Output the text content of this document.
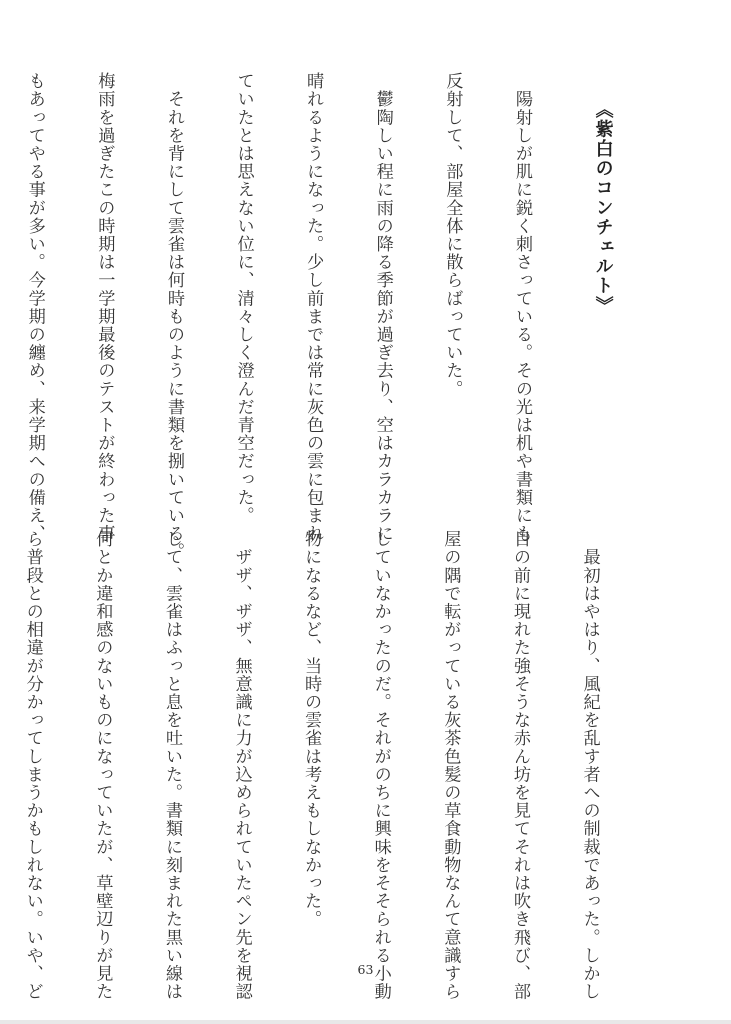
《紫白のコンチェルト》

　陽射しが肌に鋭く刺さっている。その光は机や書類にも

反射して、部屋全体に散らばっていた。

　鬱陶しい程に雨の降る季節が過ぎ去り、空はカラカラに

晴れるようになった。少し前までは常に灰色の雲に包まれ

ていたとは思えない位に、清々しく澄んだ青空だった。

　それを背にして雲雀は何時ものように書類を捌いている。

梅雨を過ぎたこの時期は一学期最後のテストが終わった事

もあってやる事が多い。今学期の纏め、来学期への備え、

　最初はやはり、風紀を乱す者への制裁であった。しかし

目の前に現れた強そうな赤ん坊を見てそれは吹き飛び、部

屋の隅で転がっている灰茶色髪の草食動物なんて意識すら

していなかったのだ。それがのちに興味をそそられる小動

物になるなど、当時の雲雀は考えもしなかった。

　ザザ、ザザ、無意識に力が込められていたペン先を視認

して、雲雀はふっと息を吐いた。書類に刻まれた黒い線は

何とか違和感のないものになっていたが、草壁辺りが見た

ら普段との相違が分かってしまうかもしれない。いや、ど

	63
